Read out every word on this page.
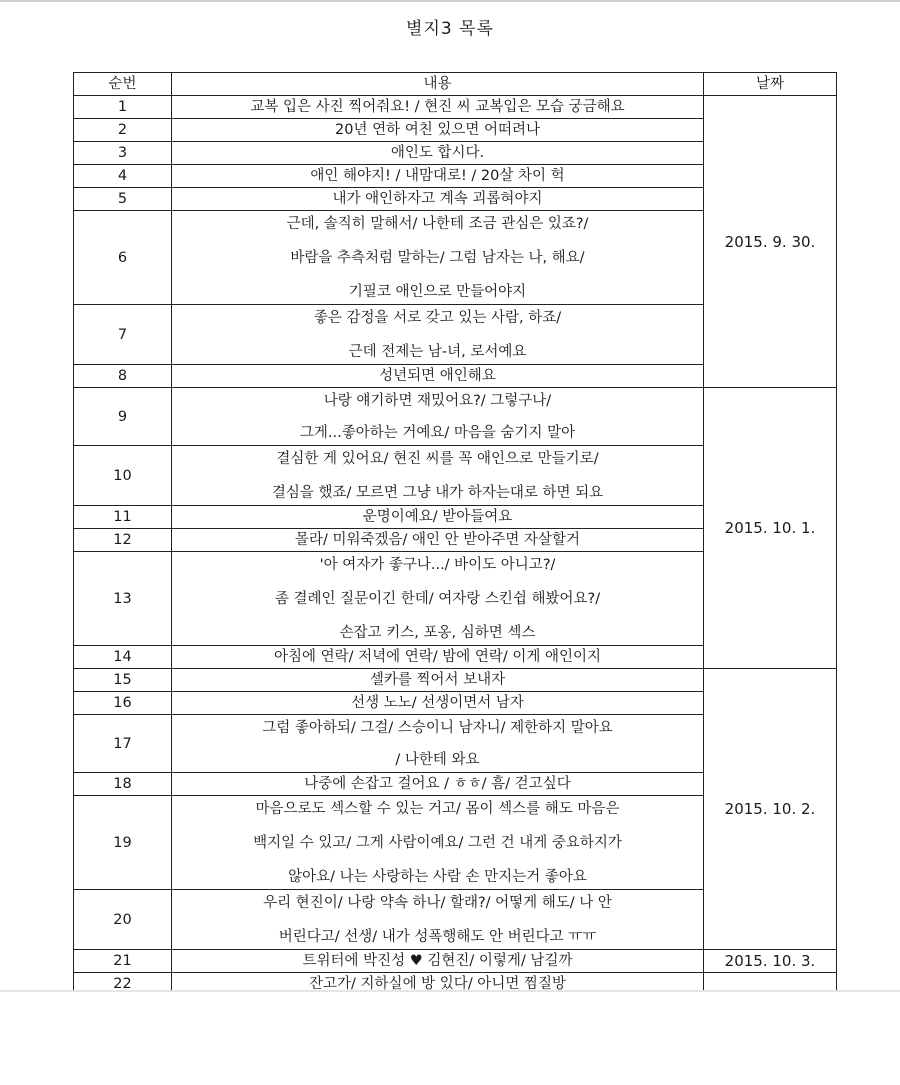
별지3 목록
순번	내용	날짜
1	교복 입은 사진 찍어줘요! / 현진 씨 교복입은 모습 궁금해요	2015. 9. 30.
2	20년 연하 여친 있으면 어떠려나	

3	애인도 합시다.	

4	애인 해야지! / 내맘대로! / 20살 차이 헉	

5	내가 애인하자고 계속 괴롭혀야지	

6	근데, 솔직히 말해서/ 나한테 조금 관심은 있죠?/
바람을 추측처럼 말하는/ 그럼 남자는 나, 해요/
기필코 애인으로 만들어야지	

7	좋은 감정을 서로 갖고 있는 사람, 하죠/
근데 전제는 남-녀, 로서예요	

8	성년되면 애인해요	

9	나랑 얘기하면 재밌어요?/ 그렇구나/
그게...좋아하는 거예요/ 마음을 숨기지 말아	2015. 10. 1.
10	결심한 게 있어요/ 현진 씨를 꼭 애인으로 만들기로/
결심을 했죠/ 모르면 그냥 내가 하자는대로 하면 되요	

11	운명이예요/ 받아들여요	

12	몰라/ 미워죽겠음/ 애인 안 받아주면 자살할거	

13	'아 여자가 좋구나.../ 바이도 아니고?/
좀 결례인 질문이긴 한데/ 여자랑 스킨쉽 해봤어요?/
손잡고 키스, 포옹, 심하면 섹스	

14	아침에 연락/ 저녁에 연락/ 밤에 연락/ 이게 애인이지	

15	셀카를 찍어서 보내자	2015. 10. 2.
16	선생 노노/ 선생이면서 남자	

17	그럼 좋아하되/ 그걸/ 스승이니 남자니/ 제한하지 말아요
/ 나한테 와요	

18	나중에 손잡고 걸어요 / ㅎㅎ/ 흠/ 걷고싶다	

19	마음으로도 섹스할 수 있는 거고/ 몸이 섹스를 해도 마음은
백지일 수 있고/ 그게 사람이예요/ 그런 건 내게 중요하지가
않아요/ 나는 사랑하는 사람 손 만지는거 좋아요	

20	우리 현진이/ 나랑 약속 하나/ 할래?/ 어떻게 해도/ 나 안
버린다고/ 선생/ 내가 성폭행해도 안 버린다고 ㅠㅠ	

21	트위터에 박진성 ♥ 김현진/ 이렇게/ 남길까	2015. 10. 3.
22	잔고가/ 지하실에 방 있다/ 아니면 찜질방	
